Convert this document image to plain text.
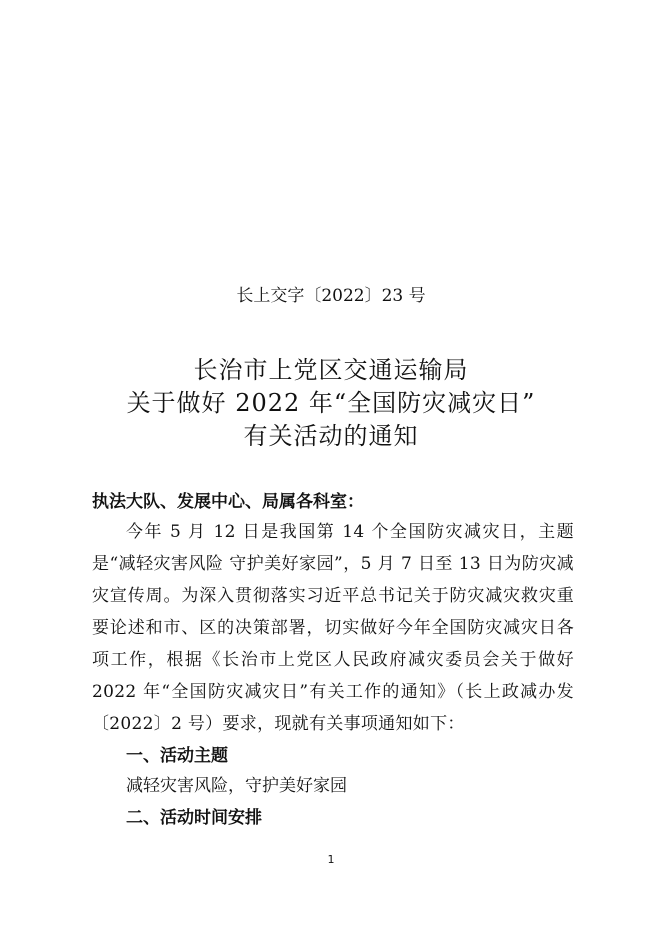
长上交字〔2022〕23 号
长治市上党区交通运输局
关于做好 2022 年“全国防灾减灾日”
有关活动的通知
执法大队、发展中心、局属各科室：
今年 5 月 12 日是我国第 14 个全国防灾减灾日，主题是“减轻灾害风险 守护美好家园”，5 月 7 日至 13 日为防灾减灾宣传周。为深入贯彻落实习近平总书记关于防灾减灾救灾重要论述和市、区的决策部署，切实做好今年全国防灾减灾日各项工作，根据《长治市上党区人民政府减灾委员会关于做好 2022 年“全国防灾减灾日”有关工作的通知》（长上政减办发〔2022〕2 号）要求，现就有关事项通知如下：
一、活动主题
减轻灾害风险，守护美好家园
二、活动时间安排
1
